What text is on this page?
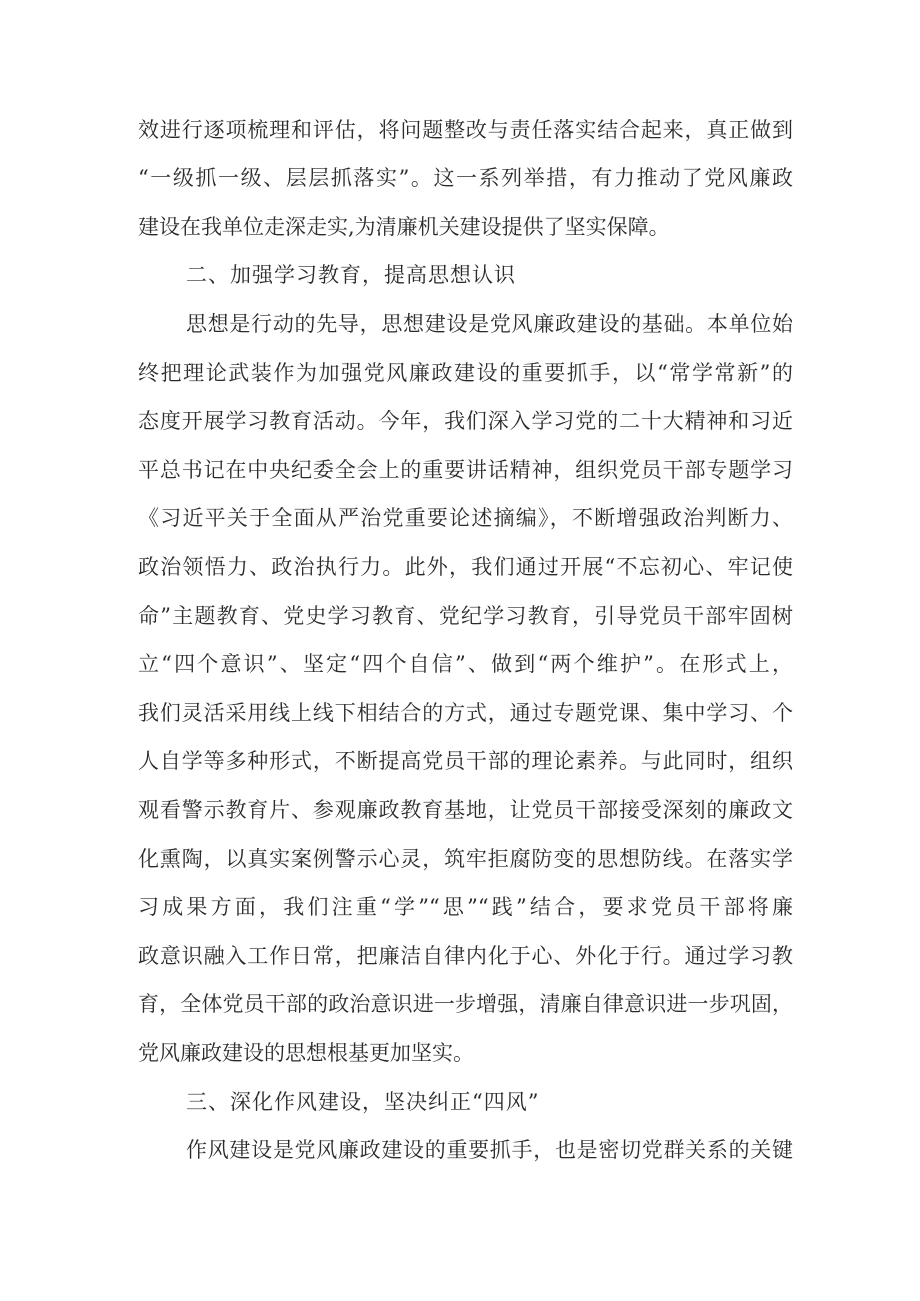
效进行逐项梳理和评估，将问题整改与责任落实结合起来，真正做到
“一级抓一级、层层抓落实”。这一系列举措，有力推动了党风廉政
建设在我单位走深走实,为清廉机关建设提供了坚实保障。
二、加强学习教育，提高思想认识
思想是行动的先导，思想建设是党风廉政建设的基础。本单位始
终把理论武装作为加强党风廉政建设的重要抓手，以“常学常新”的
态度开展学习教育活动。今年，我们深入学习党的二十大精神和习近
平总书记在中央纪委全会上的重要讲话精神，组织党员干部专题学习
《习近平关于全面从严治党重要论述摘编》，不断增强政治判断力、
政治领悟力、政治执行力。此外，我们通过开展“不忘初心、牢记使
命”主题教育、党史学习教育、党纪学习教育，引导党员干部牢固树
立“四个意识”、坚定“四个自信”、做到“两个维护”。在形式上，
我们灵活采用线上线下相结合的方式，通过专题党课、集中学习、个
人自学等多种形式，不断提高党员干部的理论素养。与此同时，组织
观看警示教育片、参观廉政教育基地，让党员干部接受深刻的廉政文
化熏陶，以真实案例警示心灵，筑牢拒腐防变的思想防线。在落实学
习成果方面，我们注重“学”“思”“践”结合，要求党员干部将廉
政意识融入工作日常，把廉洁自律内化于心、外化于行。通过学习教
育，全体党员干部的政治意识进一步增强，清廉自律意识进一步巩固，
党风廉政建设的思想根基更加坚实。
三、深化作风建设，坚决纠正“四风”
作风建设是党风廉政建设的重要抓手，也是密切党群关系的关键
